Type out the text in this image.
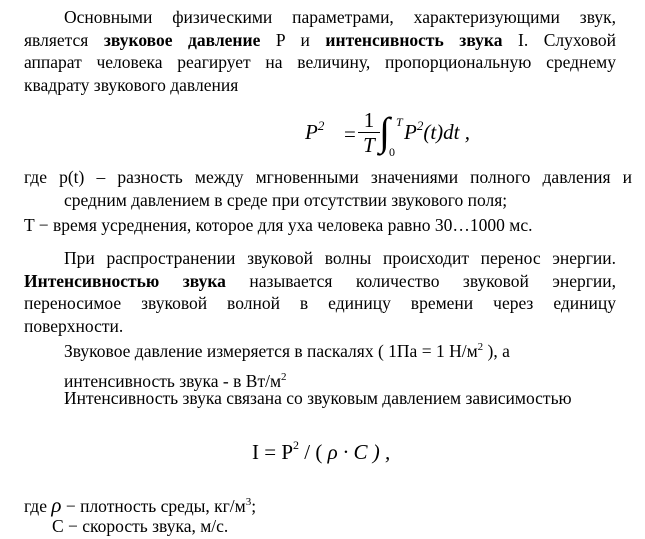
Основными физическими параметрами, характеризующими звук,
является звуковое давление P и интенсивность звука I. Слуховой
аппарат человека реагирует на величину, пропорциональную среднему
квадрату звукового давления
$P^2$ =
1
T ∫ T
0
$P^2(t)dt$ ,
где p(t) – разность между мгновенными значениями полного давления и
средним давлением в среде при отсутствии звукового поля;
T − время усреднения, которое для уха человека равно 30…1000 мс.
При распространении звуковой волны происходит перенос энергии.
Интенсивностью звука называется количество звуковой энергии,
переносимое звуковой волной в единицу времени через единицу
поверхности.
Звуковое давление измеряется в паскалях ( 1Па = 1 $Н/м^2$ ), а
интенсивность звука - в $Вт/м^2$
Интенсивность звука связана со звуковым давлением зависимостью
$I = P^2$ / ( ρ · C ) ,
где ρ − плотность среды, $кг/м^3$;
С − скорость звука, м/с.
